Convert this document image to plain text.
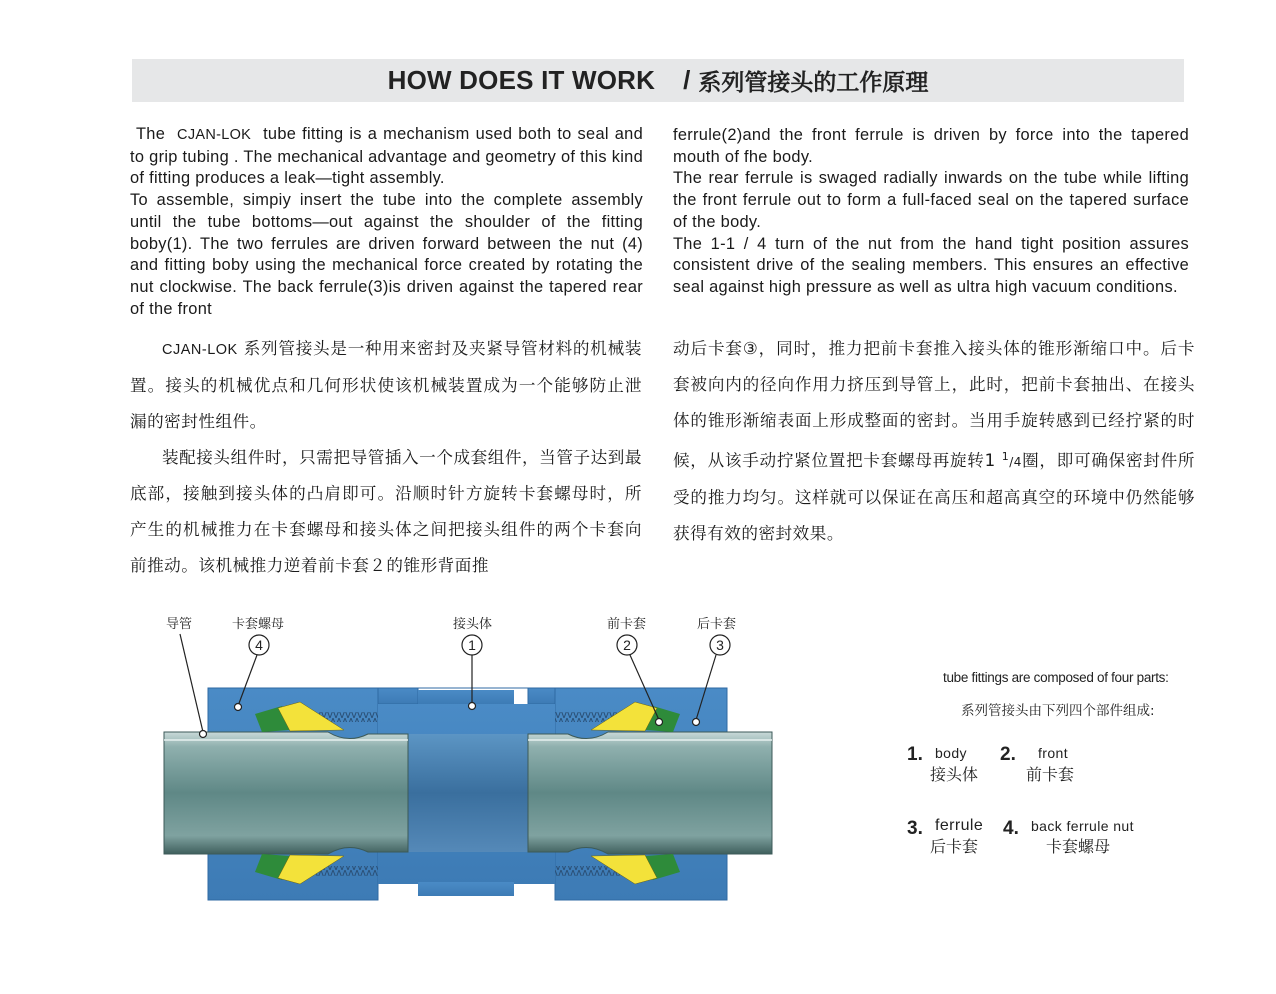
HOW DOES IT WORK / 系列管接头的工作原理

The CJAN-LOK tube fitting is a mechanism used both to seal and to grip tubing . The mechanical advantage and geometry of this kind of fitting produces a leak—tight assembly.

To assemble, simpiy insert the tube into the complete assembly until the tube bottoms—out against the shoulder of the fitting boby(1). The two ferrules are driven forward between the nut (4) and fitting boby using the mechanical force created by rotating the nut clockwise. The back ferrule(3)is driven against the tapered rear of the front

ferrule(2)and the front ferrule is driven by force into the tapered mouth of fhe body.

The rear ferrule is swaged radially inwards on the tube while lifting the front ferrule out to form a full-faced seal on the tapered surface of the body.

The 1-1 / 4 turn of the nut from the hand tight position assures consistent drive of the sealing members. This ensures an effective seal against high pressure as well as ultra high vacuum conditions.

CJAN-LOK 系列管接头是一种用来密封及夹紧导管材料的机械装置。接头的机械优点和几何形状使该机械装置成为一个能够防止泄漏的密封性组件。

装配接头组件时，只需把导管插入一个成套组件，当管子达到最底部，接触到接头体的凸肩即可。沿顺时针方旋转卡套螺母时，所产生的机械推力在卡套螺母和接头体之间把接头组件的两个卡套向前推动。该机械推力逆着前卡套２的锥形背面推

动后卡套③，同时，推力把前卡套推入接头体的锥形渐缩口中。后卡套被向内的径向作用力挤压到导管上，此时，把前卡套抽出、在接头体的锥形渐缩表面上形成整面的密封。当用手旋转感到已经拧紧的时候，从该手动拧紧位置把卡套螺母再旋转1 $^1$/4圈，即可确保密封件所受的推力均匀。这样就可以保证在高压和超高真空的环境中仍然能够获得有效的密封效果。

导管	卡套螺母	接头体	前卡套	后卡套
4	1	2	3
tube fittings are composed of four parts:
系列管接头由下列四个部件组成:
1. body
接头体
2. front
前卡套
3. ferrule
后卡套
4. back ferrule nut
卡套螺母
